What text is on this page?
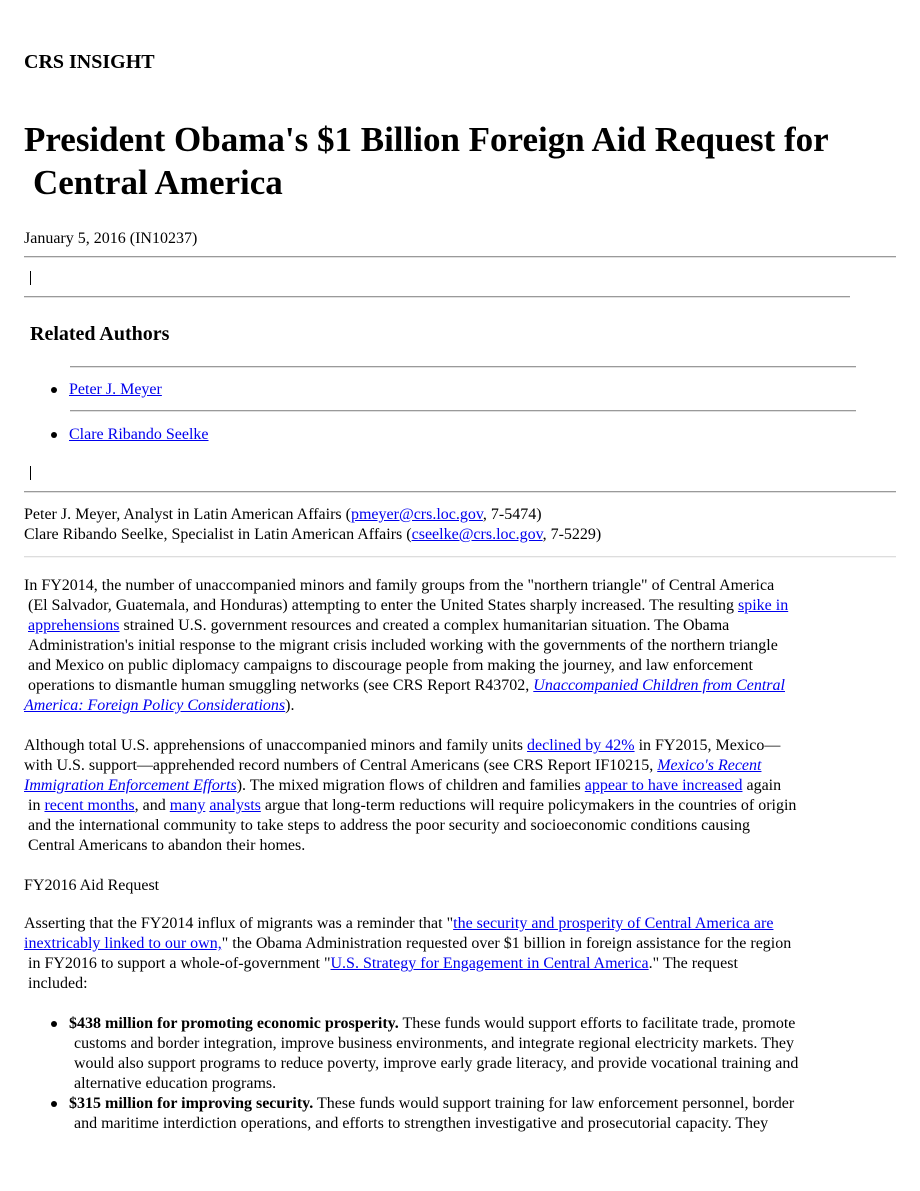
CRS INSIGHT
President Obama's $1 Billion Foreign Aid Request for
Central America
January 5, 2016 (IN10237)
Related Authors
Peter J. Meyer
Clare Ribando Seelke
Peter J. Meyer, Analyst in Latin American Affairs (pmeyer@crs.loc.gov, 7-5474)
Clare Ribando Seelke, Specialist in Latin American Affairs (cseelke@crs.loc.gov, 7-5229)
In FY2014, the number of unaccompanied minors and family groups from the "northern triangle" of Central America
(El Salvador, Guatemala, and Honduras) attempting to enter the United States sharply increased. The resulting spike in
apprehensions strained U.S. government resources and created a complex humanitarian situation. The Obama
Administration's initial response to the migrant crisis included working with the governments of the northern triangle
and Mexico on public diplomacy campaigns to discourage people from making the journey, and law enforcement
operations to dismantle human smuggling networks (see CRS Report R43702, Unaccompanied Children from Central
America: Foreign Policy Considerations).
Although total U.S. apprehensions of unaccompanied minors and family units declined by 42% in FY2015, Mexico—
with U.S. support—apprehended record numbers of Central Americans (see CRS Report IF10215, Mexico's Recent
Immigration Enforcement Efforts). The mixed migration flows of children and families appear to have increased again
in recent months, and many analysts argue that long-term reductions will require policymakers in the countries of origin
and the international community to take steps to address the poor security and socioeconomic conditions causing
Central Americans to abandon their homes.
FY2016 Aid Request
Asserting that the FY2014 influx of migrants was a reminder that "the security and prosperity of Central America are
inextricably linked to our own," the Obama Administration requested over $1 billion in foreign assistance for the region
in FY2016 to support a whole-of-government "U.S. Strategy for Engagement in Central America." The request
included:
$438 million for promoting economic prosperity. These funds would support efforts to facilitate trade, promote
customs and border integration, improve business environments, and integrate regional electricity markets. They
would also support programs to reduce poverty, improve early grade literacy, and provide vocational training and
alternative education programs.
$315 million for improving security. These funds would support training for law enforcement personnel, border
and maritime interdiction operations, and efforts to strengthen investigative and prosecutorial capacity. They
